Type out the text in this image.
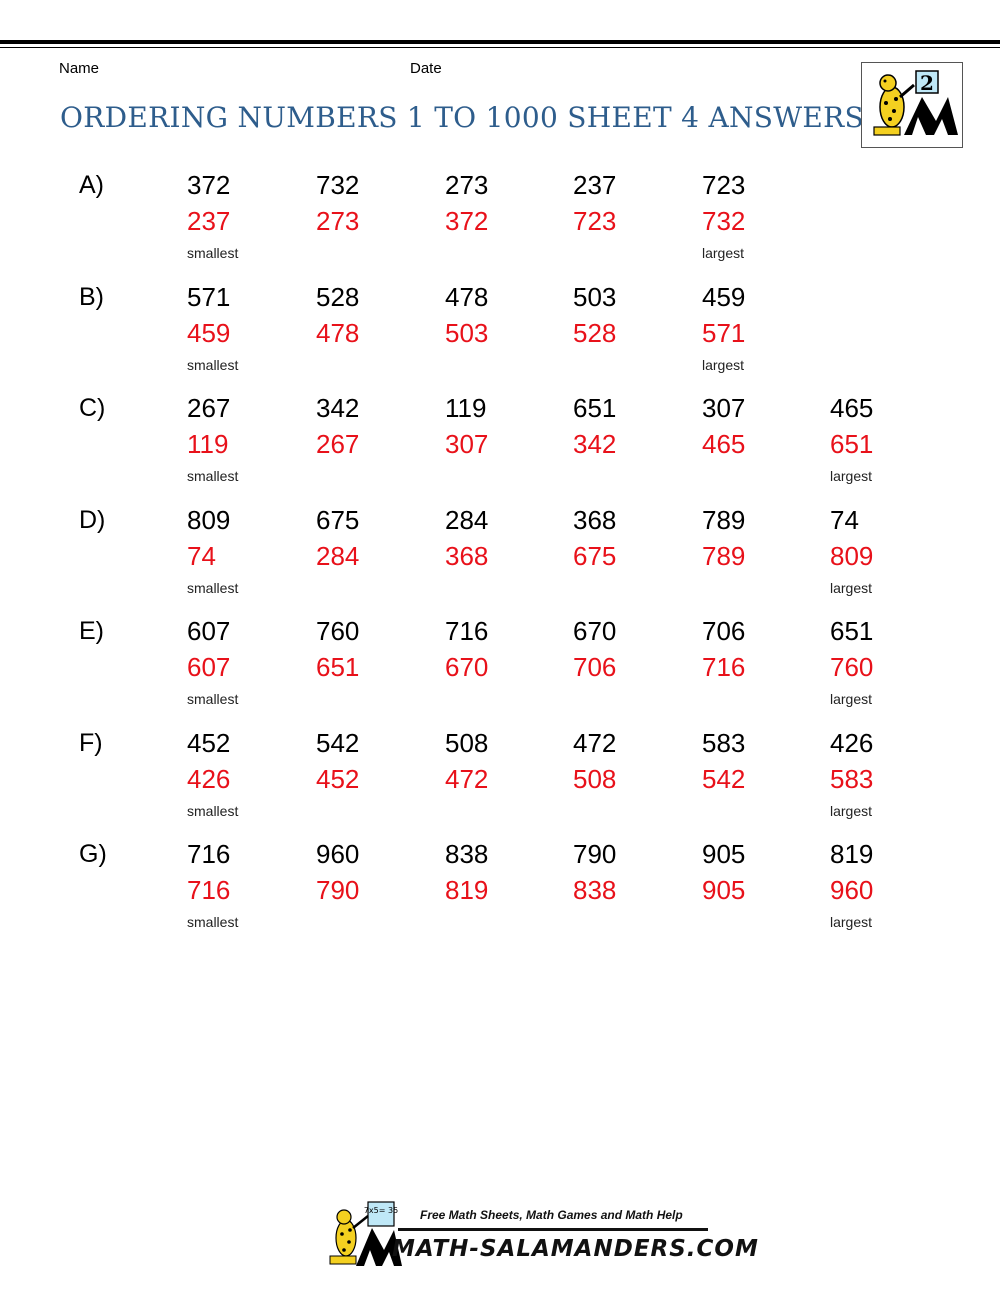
Name	Date
ORDERING NUMBERS 1 TO 1000 SHEET 4 ANSWERS
2
A)	372	732	273	237	723
237	273	372	723	732
smallest	largest
B)	571	528	478	503	459
459	478	503	528	571
smallest	largest
C)	267	342	119	651	307	465
119	267	307	342	465	651
smallest	largest
D)	809	675	284	368	789	74
74	284	368	675	789	809
smallest	largest
E)	607	760	716	670	706	651
607	651	670	706	716	760
smallest	largest
F)	452	542	508	472	583	426
426	452	472	508	542	583
smallest	largest
G)	716	960	838	790	905	819
716	790	819	838	905	960
smallest	largest
7x5= 35 Free Math Sheets, Math Games and Math Help
MATH-SALAMANDERS.COM
